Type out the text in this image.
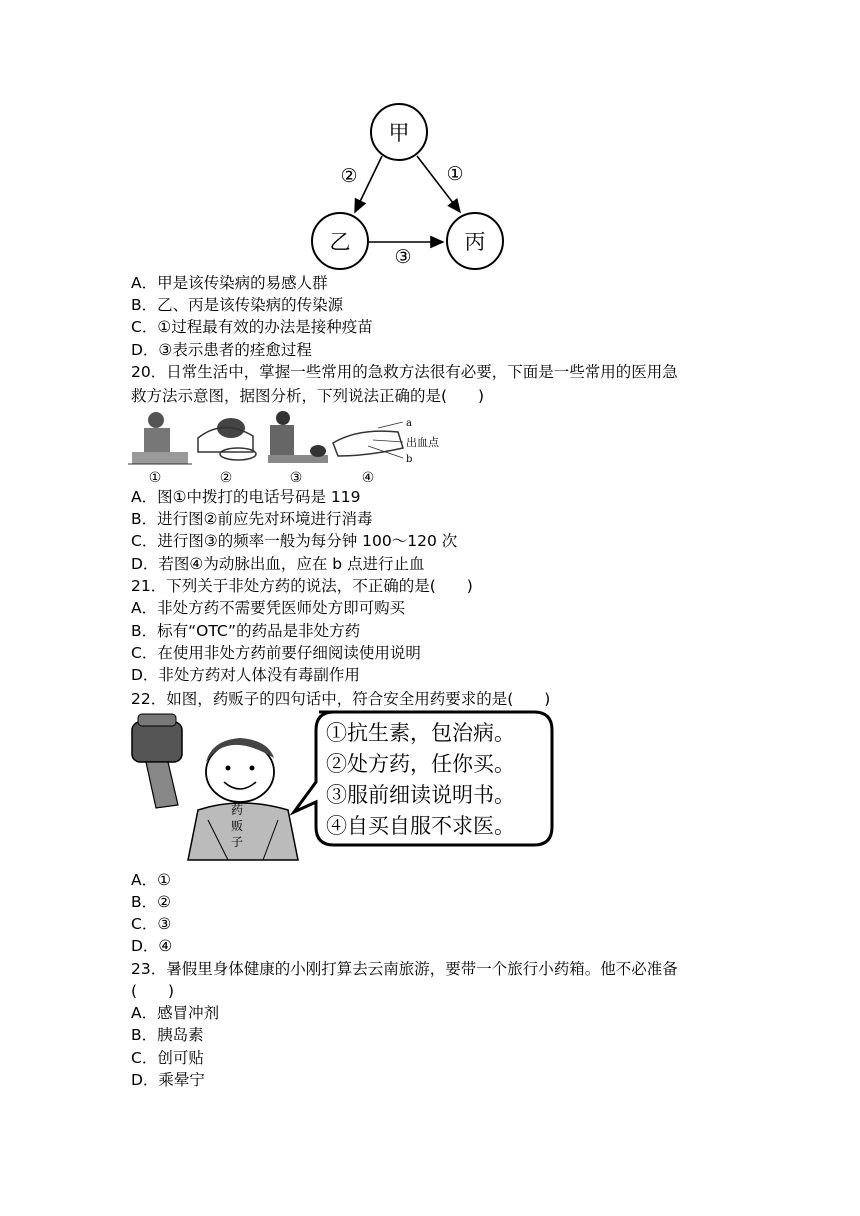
甲
乙	丙
②	①
③
A．甲是该传染病的易感人群
B．乙、丙是该传染病的传染源
C．①过程最有效的办法是接种疫苗
D．③表示患者的痊愈过程
20．日常生活中，掌握一些常用的急救方法很有必要，下面是一些常用的医用急
救方法示意图，据图分析，下列说法正确的是(　　)
a
出血点
b
①	②	③	④
A．图①中拨打的电话号码是 119
B．进行图②前应先对环境进行消毒
C．进行图③的频率一般为每分钟 100～120 次
D．若图④为动脉出血，应在 b 点进行止血
21．下列关于非处方药的说法，不正确的是(　　)
A．非处方药不需要凭医师处方即可购买
B．标有“OTC”的药品是非处方药
C．在使用非处方药前要仔细阅读使用说明
D．非处方药对人体没有毒副作用
22．如图，药贩子的四句话中，符合安全用药要求的是(　　)
药
贩
子
①抗生素，包治病。
②处方药，任你买。
③服前细读说明书。
④自买自服不求医。
A．①
B．②
C．③
D．④
23．暑假里身体健康的小刚打算去云南旅游，要带一个旅行小药箱。他不必准备
(　　)
A．感冒冲剂
B．胰岛素
C．创可贴
D．乘晕宁
